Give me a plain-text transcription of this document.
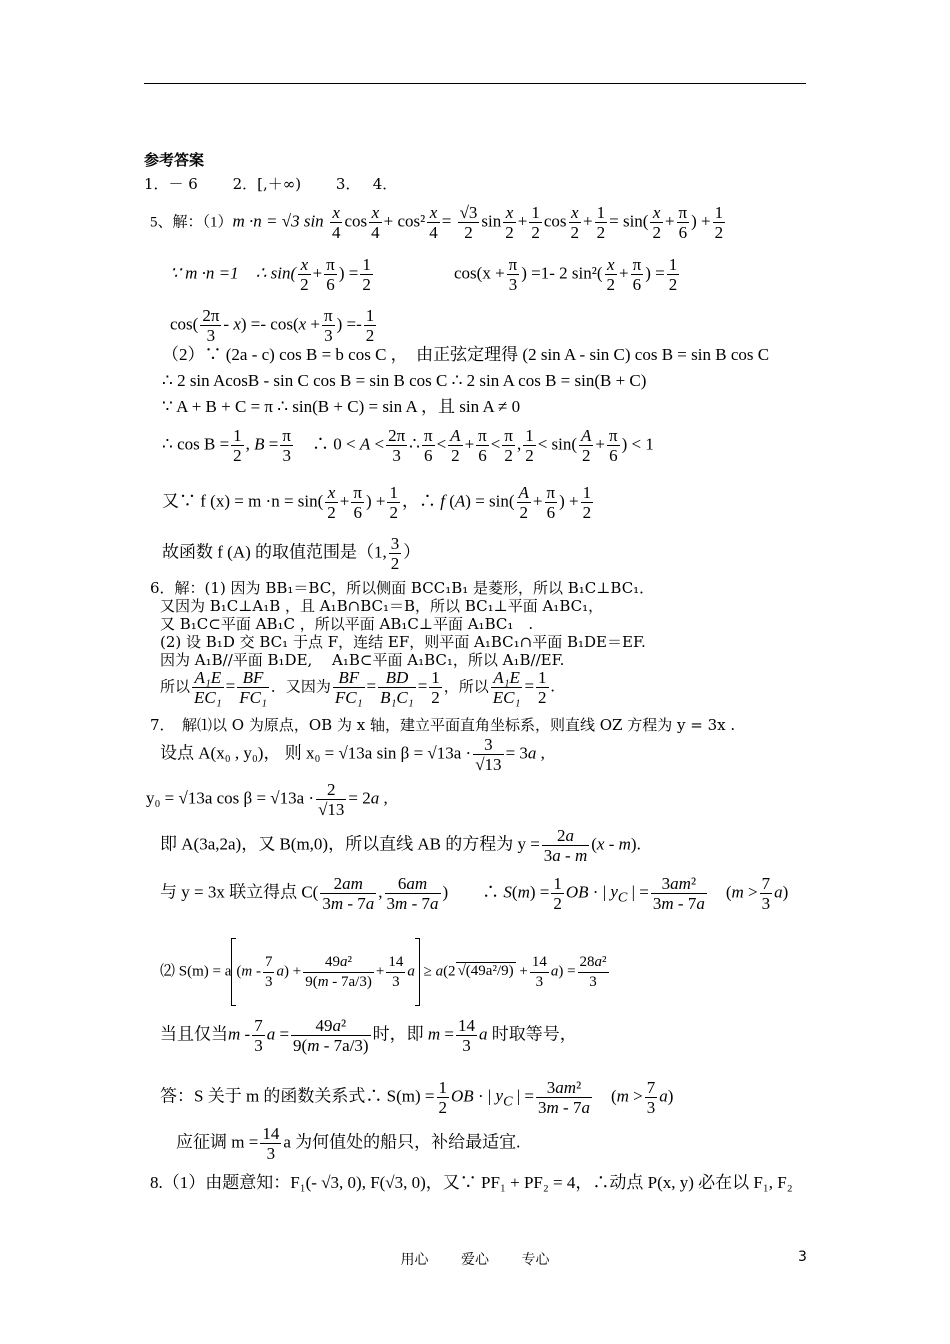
参考答案
1．－ 6　　 2．[,＋∞)　　 3．　 4．
5、解：（1）m ·n = √3 $\sin \frac{x}{4}$ $\cos \frac{x}{4} + \cos^2 \frac{x}{4} = \frac{√3}{2}$ $\sin \frac{x}{2} + \frac{1}{2}$ $\cos \frac{x}{2} + \frac{1}{2} = \sin( \frac{x}{2} + \frac{\pi}{6}$ ) + $\frac{1}{2}$
∵ m ·n =1　∴ $\sin( \frac{x}{2} + \frac{\pi}{6}$ ) = $\frac{1}{2}$	$\cos(x + \frac{\pi}{3}$ ) =1- 2 $\sin^2( \frac{x}{2} + \frac{\pi}{6}$ ) = $\frac{1}{2}$
$\cos( \frac{2\pi}{3} - x) =- \cos(x + \frac{\pi}{3}$ ) =- $\frac{1}{2}$
（2）∵ (2a - c) cos B = b cos C ，　由正弦定理得 (2 sin A - sin C) cos B = sin B cos C
∴ 2 sin AcosB - sin C cos B = sin B cos C ∴ 2 sin A cos B = sin(B + C)
∵ A + B + C = π ∴ sin(B + C) = sin A ，且 sin A ≠ 0
∴ $\cos B = \frac{1}{2}$ , $B = \frac{\pi}{3}$ 　∴ $0 < A < \frac{2\pi}{3}$ ∴ $\frac{\pi}{6} < \frac{A}{2} + \frac{\pi}{6} < \frac{\pi}{2}$ , $\frac{1}{2} < \sin( \frac{A}{2} + \frac{\pi}{6}$ ) < 1
又∵ f $(x) = m \cdot n = \sin( \frac{x}{2} + \frac{\pi}{6}$ ) + $\frac{1}{2}$ ，∴ f $(A) = \sin( \frac{A}{2} + \frac{\pi}{6}$ ) + $\frac{1}{2}$
故函数 f (A) 的取值范围是（1, $\frac{3}{2}$ ）
6．解：(1) 因为 BB₁＝BC，所以侧面 BCC₁B₁ 是菱形，所以 B₁C⊥BC₁．
又因为 B₁C⊥A₁B ，且 A₁B∩BC₁＝B，所以 BC₁⊥平面 A₁BC₁，
又 B₁C⊂平面 AB₁C ，所以平面 AB₁C⊥平面 A₁BC₁　.
(2) 设 B₁D 交 BC₁ 于点 F，连结 EF，则平面 A₁BC₁∩平面 B₁DE＝EF.
因为 A₁B//平面 B₁DE,　 A₁B⊂平面 A₁BC₁，所以 A₁B//EF.
所以 $\frac{\text{A₁E}}{\text{EC₁}} = \frac{BF}{\text{FC₁}}$ ．又因为 $\frac{BF}{\text{FC₁}} = \frac{BD}{\text{B₁C₁}} = \frac{1}{2}$ ，所以 $\frac{\text{A₁E}}{\text{EC₁}} = \frac{1}{2}$ .
7．　解⑴以 O 为原点，OB 为 x 轴，建立平面直角坐标系，则直线 OZ 方程为 y = 3x .
设点 A(x₀ , y₀)， 则 x₀ = √13a $\sin \beta = √13a \cdot \frac{3}{√13} = 3a$ ,
y₀ = √13a $\cos \beta = √13a \cdot \frac{2}{√13} = 2a$ ,
即 A(3a,2a)，又 B(m,0)，所以直线 AB 的方程为 $y = \frac{2a}{3a - m} (x - m)$.
与 y = 3x 联立得点 $C( \frac{2am}{3m - 7a}$ , $\frac{6am}{3m - 7a}$ )　　∴ $S(m) = \frac{1}{2}$ OB · | $y_C$ | = $\frac{\text{3am²}}{3m - 7a}$ 　$(m > \frac{7}{3} a)$
⑵ S(m) = a $(m - \frac{7}{3} a) + \frac{\text{49a²}}{9(m - 7a/3)} + \frac{14}{3}$ a ≥ a(2 $√(49a^2/9) + \frac{14}{3} a) = \frac{\text{28a²}}{3}$
当且仅当m - $\frac{7}{3}$ $a = \frac{\text{49a²}}{9(m - 7a/3)}$ 时，即 $m = \frac{14}{3}$ a 时取等号，
答：S 关于 m 的函数关系式∴ $S(m) = \frac{1}{2}$ OB · | $y_C$ | = $\frac{\text{3am²}}{3m - 7a}$ 　$(m > \frac{7}{3} a)$
应征调 $m = \frac{14}{3}$ a 为何值处的船只，补给最适宜.
8.（1）由题意知：F₁(- √3, 0), F(√3, 0)，又∵ PF₁ + PF₂ = 4，∴动点 P(x, y) 必在以 F₁, F₂
用心 爱心 专心	3
